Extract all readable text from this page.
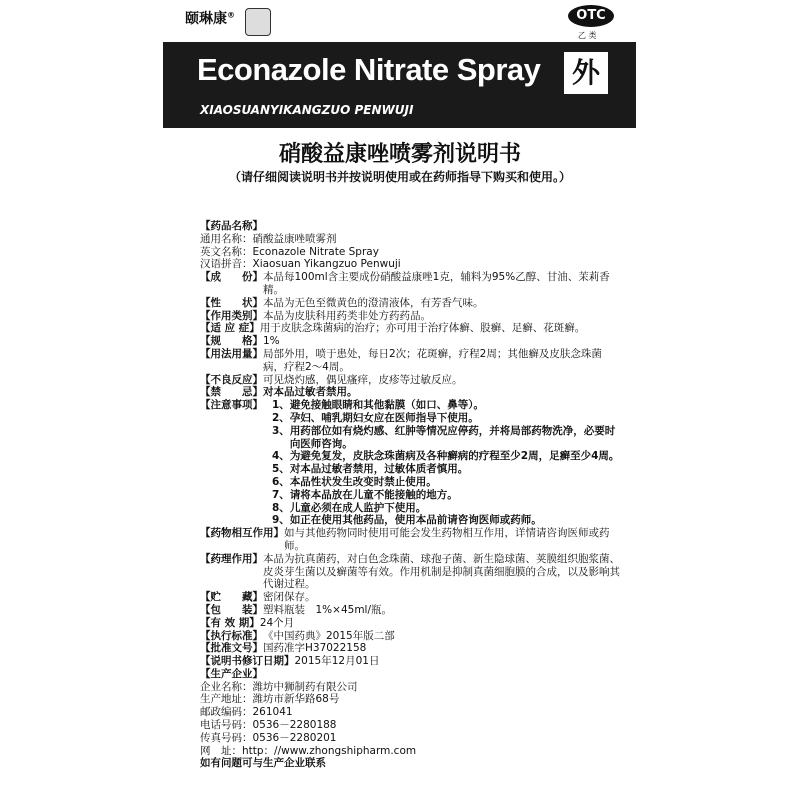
颐琳康®	OTC
乙 类
Econazole Nitrate Spray 外
XIAOSUANYIKANGZUO PENWUJI
硝酸益康唑喷雾剂说明书
（请仔细阅读说明书并按说明使用或在药师指导下购买和使用。）
【药品名称】
通用名称： 硝酸益康唑喷雾剂
英文名称： Econazole Nitrate Spray
汉语拼音： Xiaosuan Yikangzuo Penwuji
【成　　份】 本品每100ml含主要成份硝酸益康唑1克，辅料为95%乙醇、甘油、茉莉香精。
【性　　状】 本品为无色至微黄色的澄清液体，有芳香气味。
【作用类别】 本品为皮肤科用药类非处方药药品。
【适 应 症】 用于皮肤念珠菌病的治疗；亦可用于治疗体癣、股癣、足癣、花斑癣。
【规　　格】 1%
【用法用量】 局部外用，喷于患处，每日2次；花斑癣，疗程2周；其他癣及皮肤念珠菌病，疗程2～4周。
【不良反应】 可见烧灼感，偶见瘙痒，皮疹等过敏反应。
【禁　　忌】 对本品过敏者禁用。
【注意事项】 1、 避免接触眼睛和其他黏膜（如口、鼻等）。
2、 孕妇、哺乳期妇女应在医师指导下使用。
3、 用药部位如有烧灼感、红肿等情况应停药，并将局部药物洗净，必要时向医师咨询。
4、 为避免复发，皮肤念珠菌病及各种癣病的疗程至少2周，足癣至少4周。
5、 对本品过敏者禁用，过敏体质者慎用。
6、 本品性状发生改变时禁止使用。
7、 请将本品放在儿童不能接触的地方。
8、 儿童必须在成人监护下使用。
9、 如正在使用其他药品，使用本品前请咨询医师或药师。
【药物相互作用】 如与其他药物同时使用可能会发生药物相互作用，详情请咨询医师或药师。
【药理作用】 本品为抗真菌药，对白色念珠菌、球孢子菌、新生隐球菌、荚膜组织胞浆菌、皮炎芽生菌以及癣菌等有效。作用机制是抑制真菌细胞膜的合成，以及影响其代谢过程。
【贮　　藏】 密闭保存。
【包　　装】 塑料瓶装　1%×45ml/瓶。
【有 效 期】 24个月
【执行标准】 《中国药典》2015年版二部
【批准文号】 国药准字H37022158
【说明书修订日期】 2015年12月01日
【生产企业】
企业名称： 潍坊中狮制药有限公司
生产地址： 潍坊市新华路68号
邮政编码： 261041
电话号码： 0536－2280188
传真号码： 0536－2280201
网　址： http：//www.zhongshipharm.com
如有问题可与生产企业联系
